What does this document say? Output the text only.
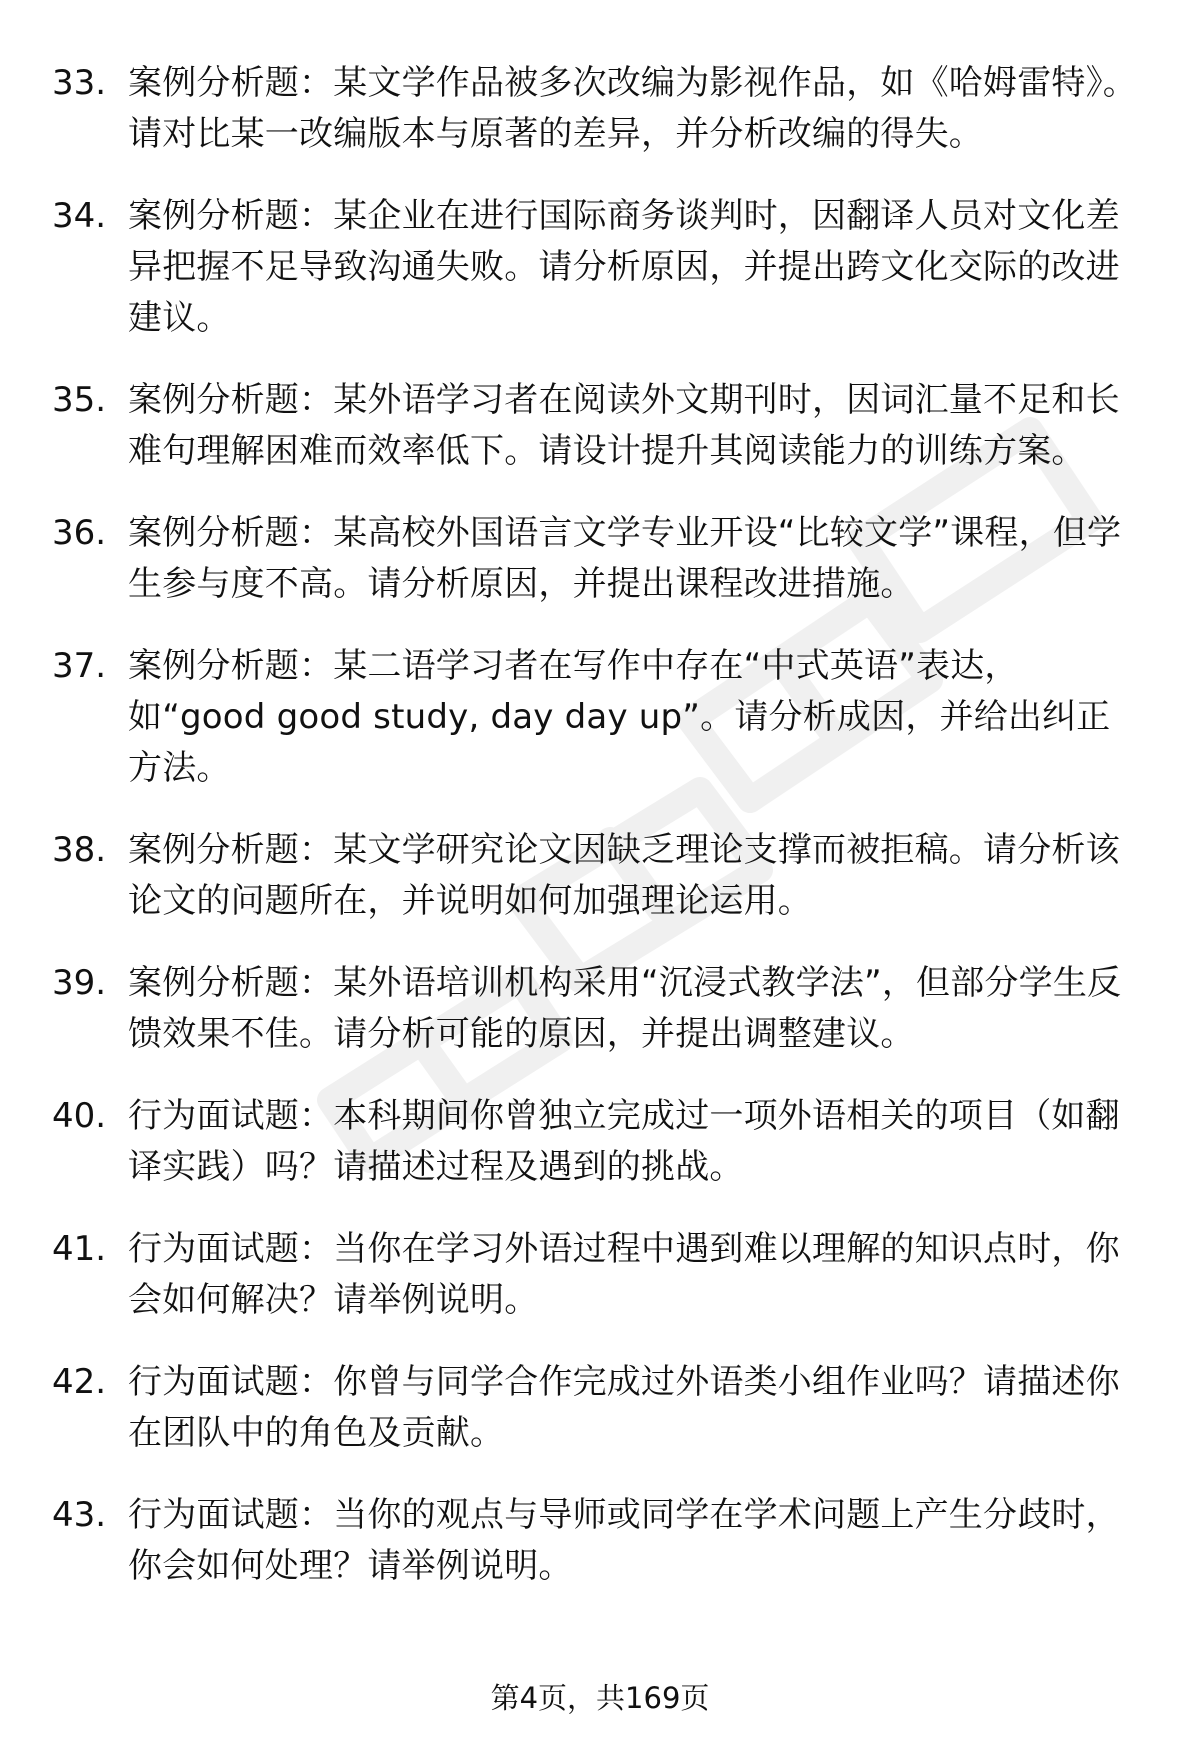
33. 案例分析题：某文学作品被多次改编为影视作品，如《哈姆雷特》。请对比某一改编版本与原著的差异，并分析改编的得失。
34. 案例分析题：某企业在进行国际商务谈判时，因翻译人员对文化差异把握不足导致沟通失败。请分析原因，并提出跨文化交际的改进建议。
35. 案例分析题：某外语学习者在阅读外文期刊时，因词汇量不足和长难句理解困难而效率低下。请设计提升其阅读能力的训练方案。
36. 案例分析题：某高校外国语言文学专业开设“比较文学”课程，但学生参与度不高。请分析原因，并提出课程改进措施。
37. 案例分析题：某二语学习者在写作中存在“中式英语”表达，如“good good study, day day up”。请分析成因，并给出纠正方法。
38. 案例分析题：某文学研究论文因缺乏理论支撑而被拒稿。请分析该论文的问题所在，并说明如何加强理论运用。
39. 案例分析题：某外语培训机构采用“沉浸式教学法”，但部分学生反馈效果不佳。请分析可能的原因，并提出调整建议。
40. 行为面试题：本科期间你曾独立完成过一项外语相关的项目（如翻译实践）吗？请描述过程及遇到的挑战。
41. 行为面试题：当你在学习外语过程中遇到难以理解的知识点时，你会如何解决？请举例说明。
42. 行为面试题：你曾与同学合作完成过外语类小组作业吗？请描述你在团队中的角色及贡献。
43. 行为面试题：当你的观点与导师或同学在学术问题上产生分歧时，你会如何处理？请举例说明。
第4页，共169页
